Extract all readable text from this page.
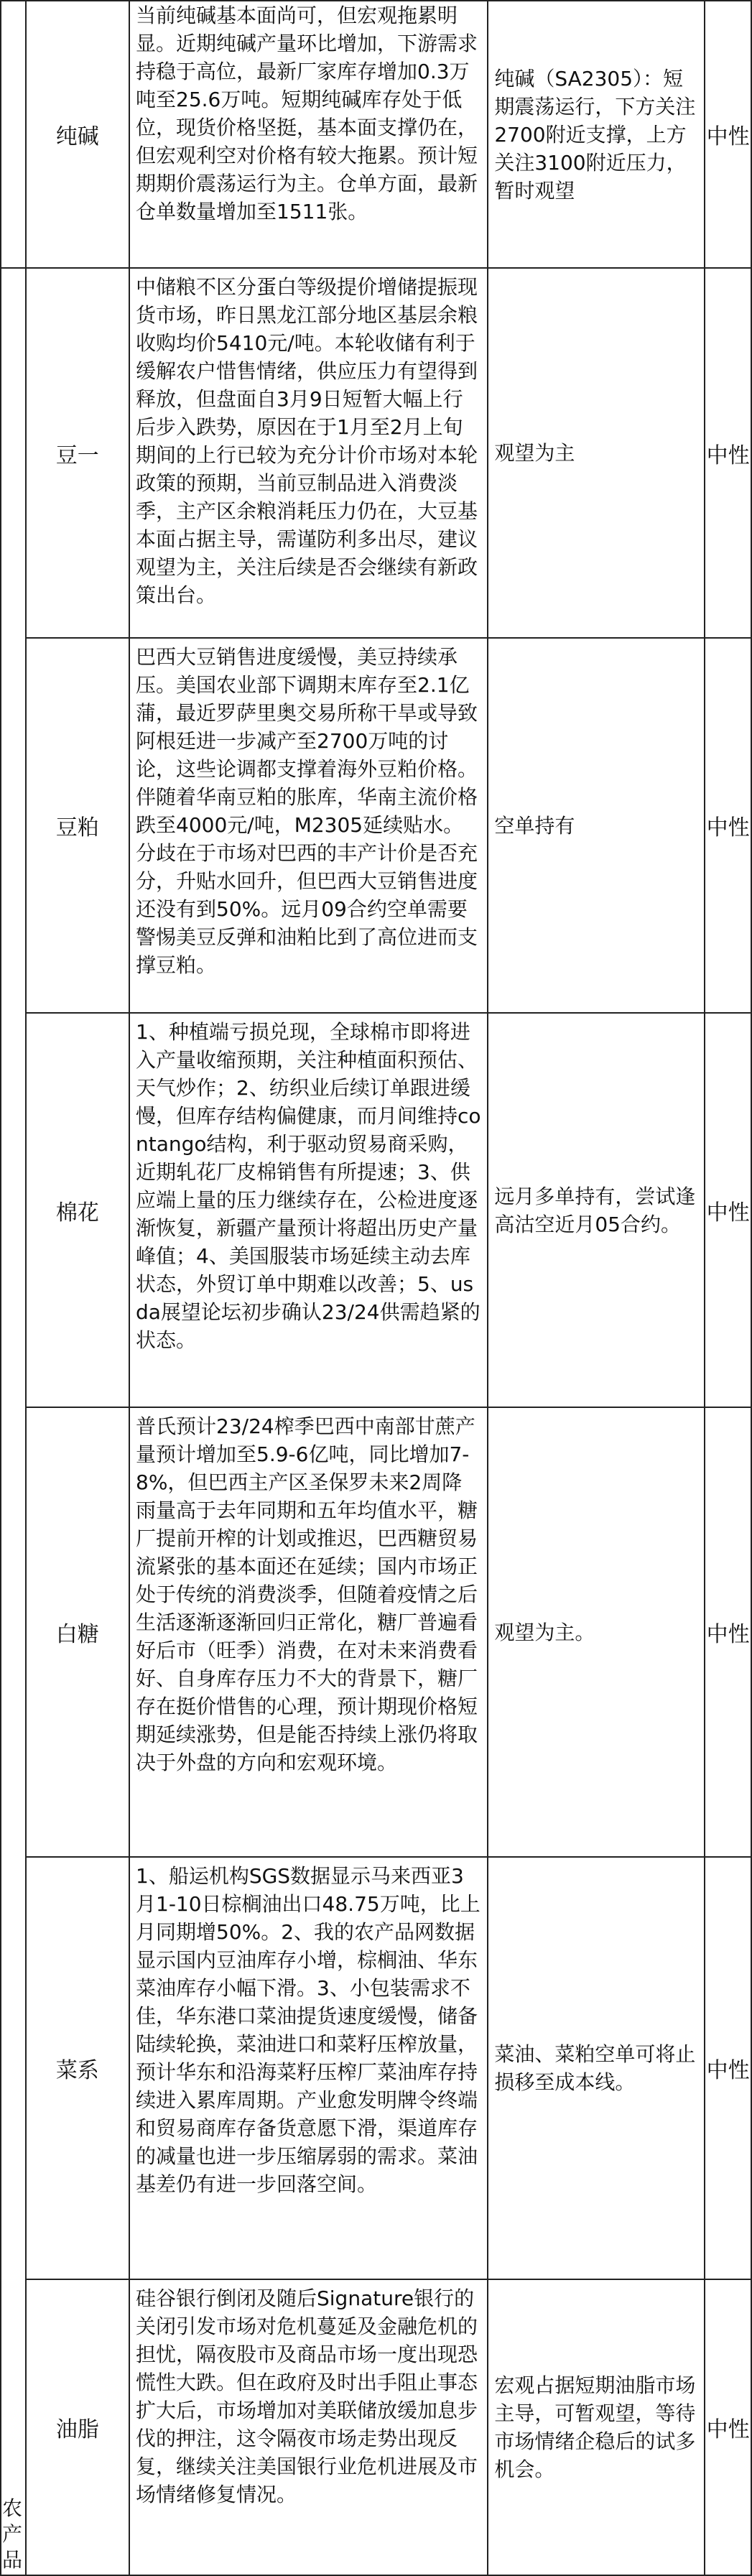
	纯碱	当前纯碱基本面尚可，但宏观拖累明显。近期纯碱产量环比增加，下游需求持稳于高位，最新厂家库存增加0.3万吨至25.6万吨。短期纯碱库存处于低位，现货价格坚挺，基本面支撑仍在，但宏观利空对价格有较大拖累。预计短期期价震荡运行为主。仓单方面，最新仓单数量增加至1511张。	纯碱（SA2305）：短期震荡运行，下方关注2700附近支撑，上方关注3100附近压力，暂时观望	中性

农
产
品	豆一	中储粮不区分蛋白等级提价增储提振现货市场，昨日黑龙江部分地区基层余粮收购均价5410元/吨。本轮收储有利于缓解农户惜售情绪，供应压力有望得到释放，但盘面自3月9日短暂大幅上行后步入跌势，原因在于1月至2月上旬期间的上行已较为充分计价市场对本轮政策的预期，当前豆制品进入消费淡季，主产区余粮消耗压力仍在，大豆基本面占据主导，需谨防利多出尽，建议观望为主，关注后续是否会继续有新政策出台。	观望为主	中性
	豆粕	巴西大豆销售进度缓慢，美豆持续承压。美国农业部下调期末库存至2.1亿蒲，最近罗萨里奥交易所称干旱或导致阿根廷进一步减产至2700万吨的讨论，这些论调都支撑着海外豆粕价格。伴随着华南豆粕的胀库，华南主流价格跌至4000元/吨，M2305延续贴水。分歧在于市场对巴西的丰产计价是否充分，升贴水回升，但巴西大豆销售进度还没有到50%。远月09合约空单需要警惕美豆反弹和油粕比到了高位进而支撑豆粕。	空单持有	中性
	棉花	1、种植端亏损兑现，全球棉市即将进入产量收缩预期，关注种植面积预估、天气炒作；2、纺织业后续订单跟进缓慢，但库存结构偏健康，而月间维持contango结构，利于驱动贸易商采购，近期轧花厂皮棉销售有所提速；3、供应端上量的压力继续存在，公检进度逐渐恢复，新疆产量预计将超出历史产量峰值；4、美国服装市场延续主动去库状态，外贸订单中期难以改善；5、usda展望论坛初步确认23/24供需趋紧的状态。	远月多单持有，尝试逢高沽空近月05合约。	中性
	白糖	普氏预计23/24榨季巴西中南部甘蔗产量预计增加至5.9-6亿吨，同比增加7-8%，但巴西主产区圣保罗未来2周降雨量高于去年同期和五年均值水平，糖厂提前开榨的计划或推迟，巴西糖贸易流紧张的基本面还在延续；国内市场正处于传统的消费淡季，但随着疫情之后生活逐渐逐渐回归正常化，糖厂普遍看好后市（旺季）消费，在对未来消费看好、自身库存压力不大的背景下，糖厂存在挺价惜售的心理，预计期现价格短期延续涨势，但是能否持续上涨仍将取决于外盘的方向和宏观环境。	观望为主。	中性
	菜系	1、船运机构SGS数据显示马来西亚3月1-10日棕榈油出口48.75万吨，比上月同期增50%。2、我的农产品网数据显示国内豆油库存小增，棕榈油、华东菜油库存小幅下滑。3、小包装需求不佳，华东港口菜油提货速度缓慢，储备陆续轮换，菜油进口和菜籽压榨放量，预计华东和沿海菜籽压榨厂菜油库存持续进入累库周期。产业愈发明牌令终端和贸易商库存备货意愿下滑，渠道库存的减量也进一步压缩孱弱的需求。菜油基差仍有进一步回落空间。	菜油、菜粕空单可将止损移至成本线。	中性
	油脂	硅谷银行倒闭及随后Signature银行的关闭引发市场对危机蔓延及金融危机的担忧，隔夜股市及商品市场一度出现恐慌性大跌。但在政府及时出手阻止事态扩大后，市场增加对美联储放缓加息步伐的押注，这令隔夜市场走势出现反复，继续关注美国银行业危机进展及市场情绪修复情况。	宏观占据短期油脂市场主导，可暂观望，等待市场情绪企稳后的试多机会。	中性
